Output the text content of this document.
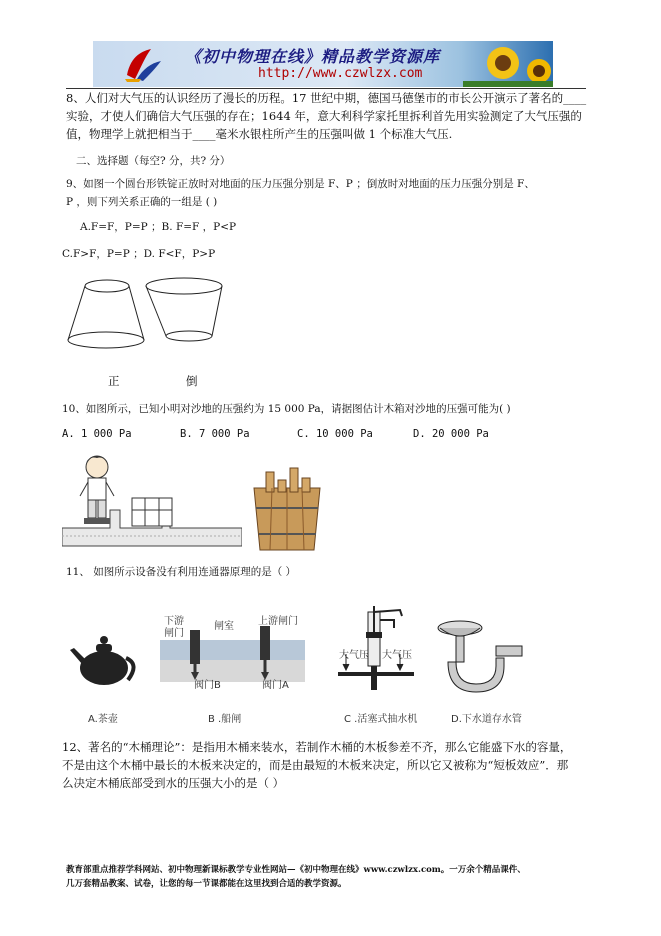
《初中物理在线》精品教学资源库
http://www.czwlzx.com
8、人们对大气压的认识经历了漫长的历程。17 世纪中期，德国马德堡市的市长公开演示了著名的____
实验，才使人们确信大气压强的存在；1644 年，意大利科学家托里拆利首先用实验测定了大气压强的
值，物理学上就把相当于____毫米水银柱所产生的压强叫做 1 个标准大气压.
二、选择题（每空? 分，共? 分）
9、如图一个圆台形铁锭正放时对地面的压力压强分别是 F、P ；倒放时对地面的压力压强分别是 F、
P ，则下列关系正确的一组是 ( )
A.F=F，P=P ；B. F=F ，P<P
C.F>F，P=P ；D. F<F，P>P
正	倒
10、如图所示，已知小明对沙地的压强约为 15 000 Pa，请据图估计木箱对沙地的压强可能为( )
A. 1 000 Pa	B. 7 000 Pa	C. 10 000 Pa	D. 20 000 Pa
11、 如图所示设备没有利用连通器原理的是（ ）
A.茶壶
下游
闸门
闸室 上游闸门
阀门B	阀门A
B .船闸
大气压 大气压
C .活塞式抽水机	D.下水道存水管
12、著名的“木桶理论”：是指用木桶来装水，若制作木桶的木板参差不齐，那么它能盛下水的容量，
不是由这个木桶中最长的木板来决定的，而是由最短的木板来决定，所以它又被称为“短板效应”．那
么决定木桶底部受到水的压强大小的是（ ）
教育部重点推荐学科网站、初中物理新课标教学专业性网站—《初中物理在线》www.czwlzx.com。一万余个精品课件、
几万套精品教案、试卷，让您的每一节课都能在这里找到合适的教学资源。
